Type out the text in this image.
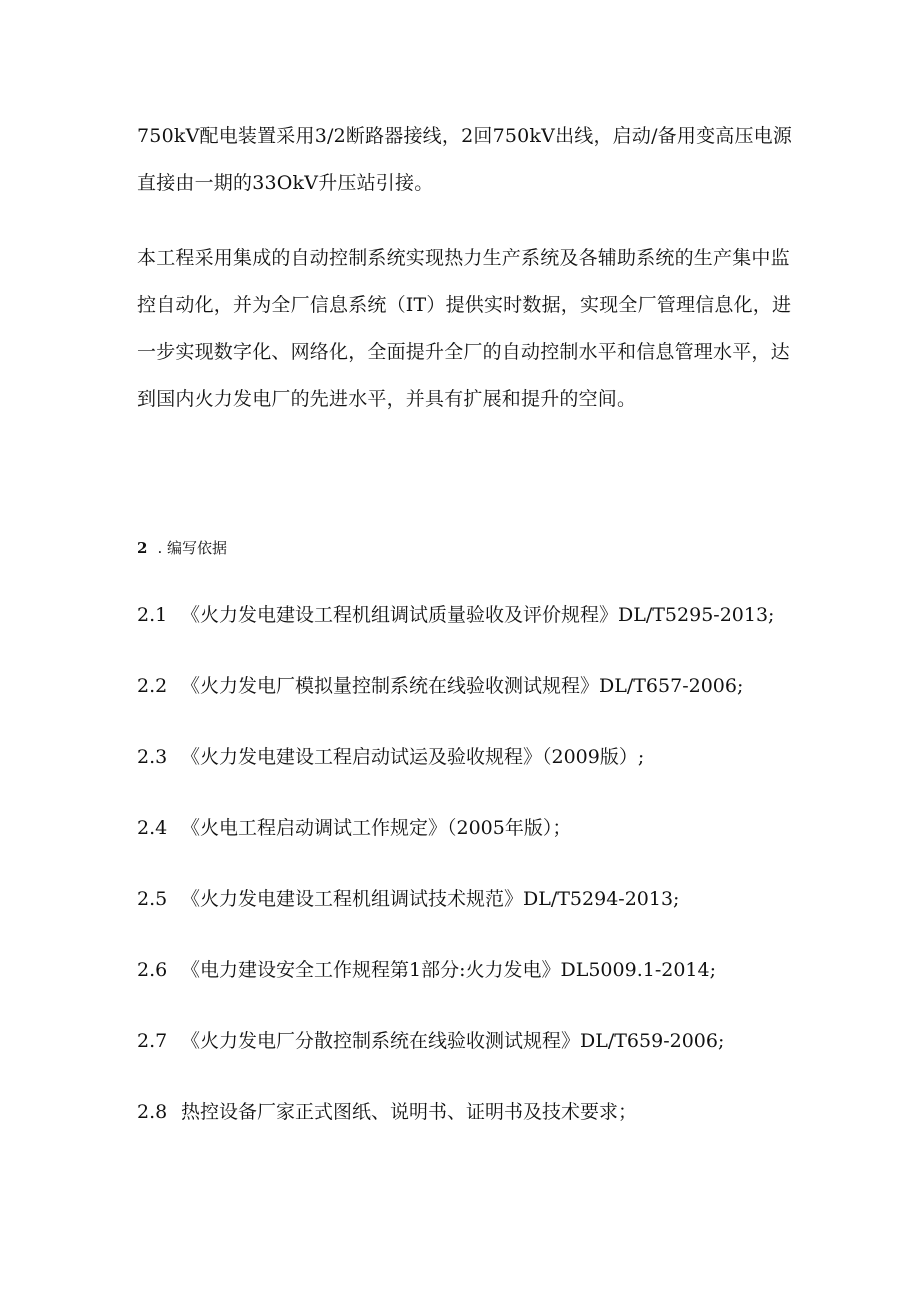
750kV配电装置采用3/2断路器接线，2回750kV出线，启动/备用变高压电源直接由一期的33OkV升压站引接。

本工程采用集成的自动控制系统实现热力生产系统及各辅助系统的生产集中监控自动化，并为全厂信息系统（IT）提供实时数据，实现全厂管理信息化，进一步实现数字化、网络化，全面提升全厂的自动控制水平和信息管理水平，达到国内火力发电厂的先进水平，并具有扩展和提升的空间。

2 . 编写依据
2.1 《火力发电建设工程机组调试质量验收及评价规程》DL/T5295-2013;
2.2 《火力发电厂模拟量控制系统在线验收测试规程》DL/T657-2006;
2.3 《火力发电建设工程启动试运及验收规程》（2009版）;
2.4 《火电工程启动调试工作规定》（2005年版）；
2.5 《火力发电建设工程机组调试技术规范》DL/T5294-2013;
2.6 《电力建设安全工作规程第1部分:火力发电》DL5009.1-2014;
2.7 《火力发电厂分散控制系统在线验收测试规程》DL/T659-2006;
2.8 热控设备厂家正式图纸、说明书、证明书及技术要求；
